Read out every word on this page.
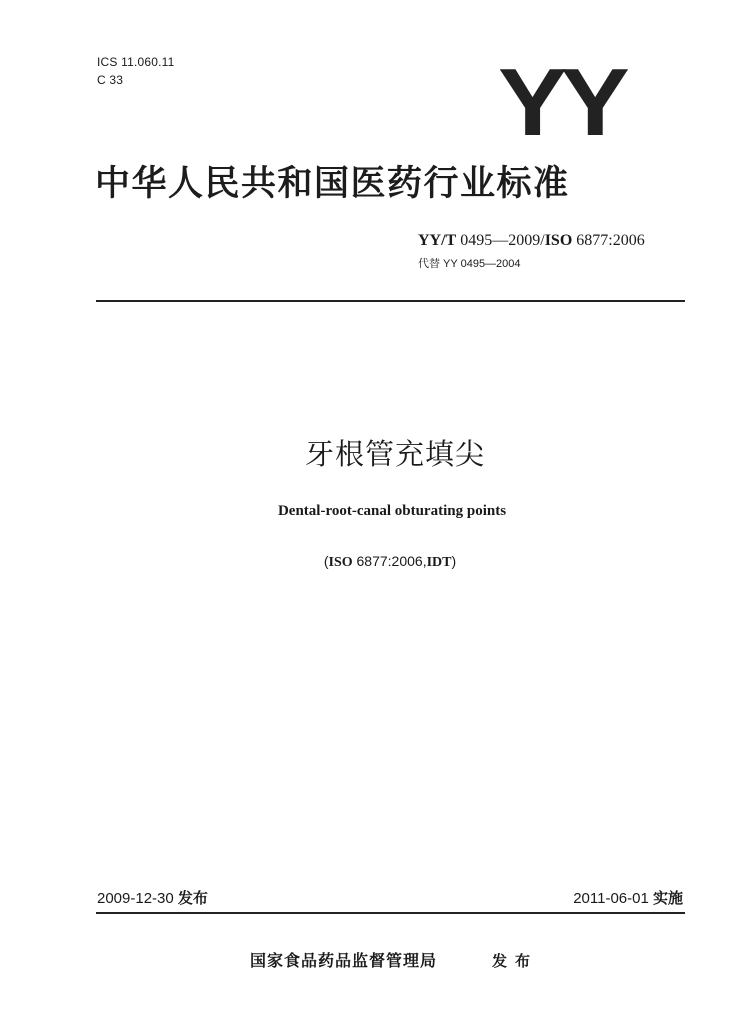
ICS 11.060.11
C 33	YY
中华人民共和国医药行业标准
YY/T 0495—2009/ISO 6877:2006
代替 YY 0495—2004
牙根管充填尖
Dental-root-canal obturating points
(ISO 6877:2006,IDT)
2009-12-30 发布	2011-06-01 实施
国家食品药品监督管理局	发布
